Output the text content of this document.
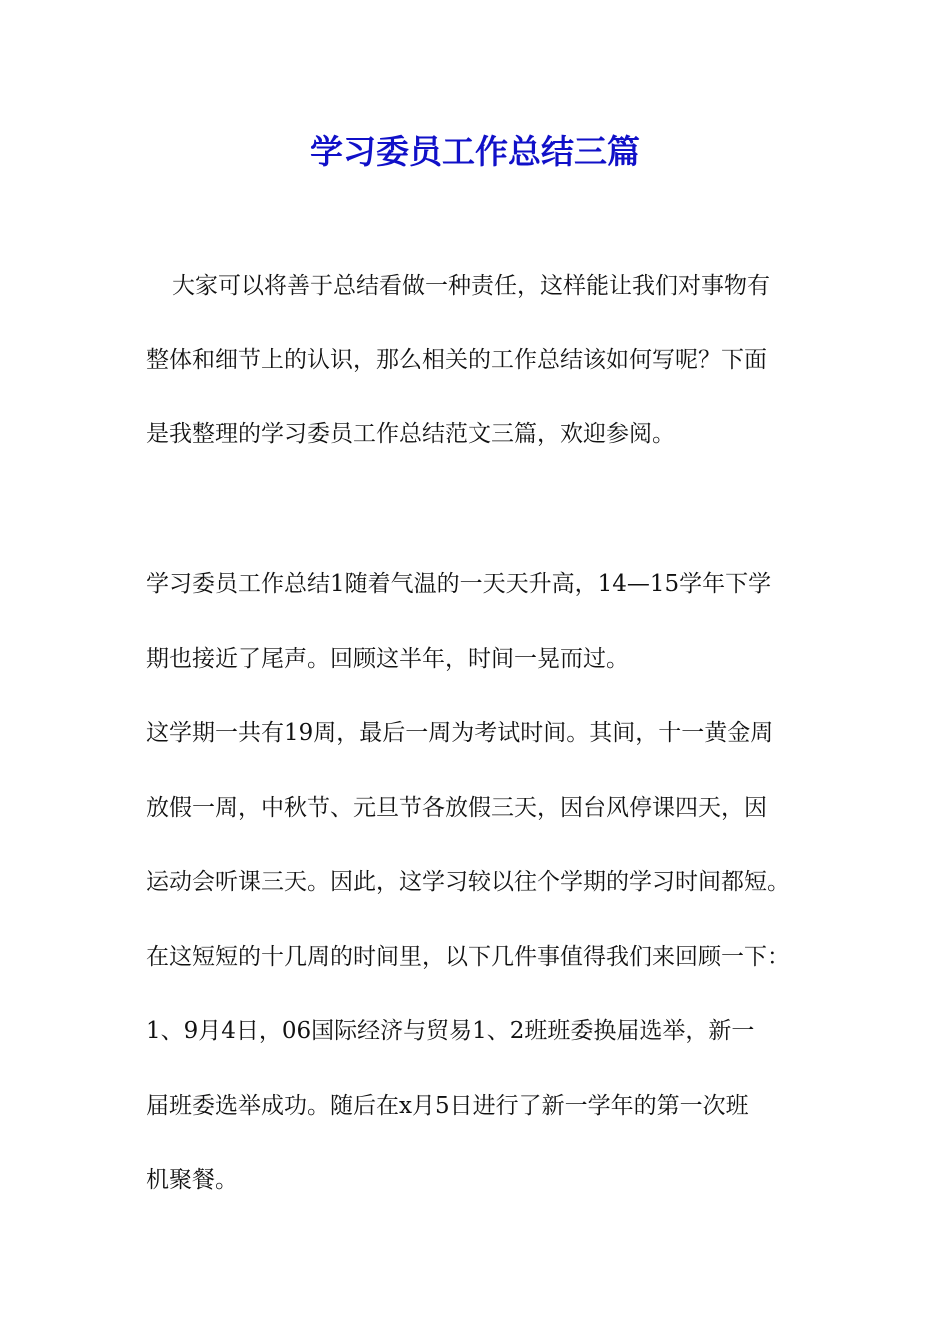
学习委员工作总结三篇

大家可以将善于总结看做一种责任，这样能让我们对事物有

整体和细节上的认识，那么相关的工作总结该如何写呢？下面

是我整理的学习委员工作总结范文三篇，欢迎参阅。

学习委员工作总结1随着气温的一天天升高，14—15学年下学

期也接近了尾声。回顾这半年，时间一晃而过。

这学期一共有19周，最后一周为考试时间。其间，十一黄金周

放假一周，中秋节、元旦节各放假三天，因台风停课四天，因

运动会听课三天。因此，这学习较以往个学期的学习时间都短。

在这短短的十几周的时间里，以下几件事值得我们来回顾一下：

1、9月4日，06国际经济与贸易1、2班班委换届选举，新一

届班委选举成功。随后在x月5日进行了新一学年的第一次班

机聚餐。
